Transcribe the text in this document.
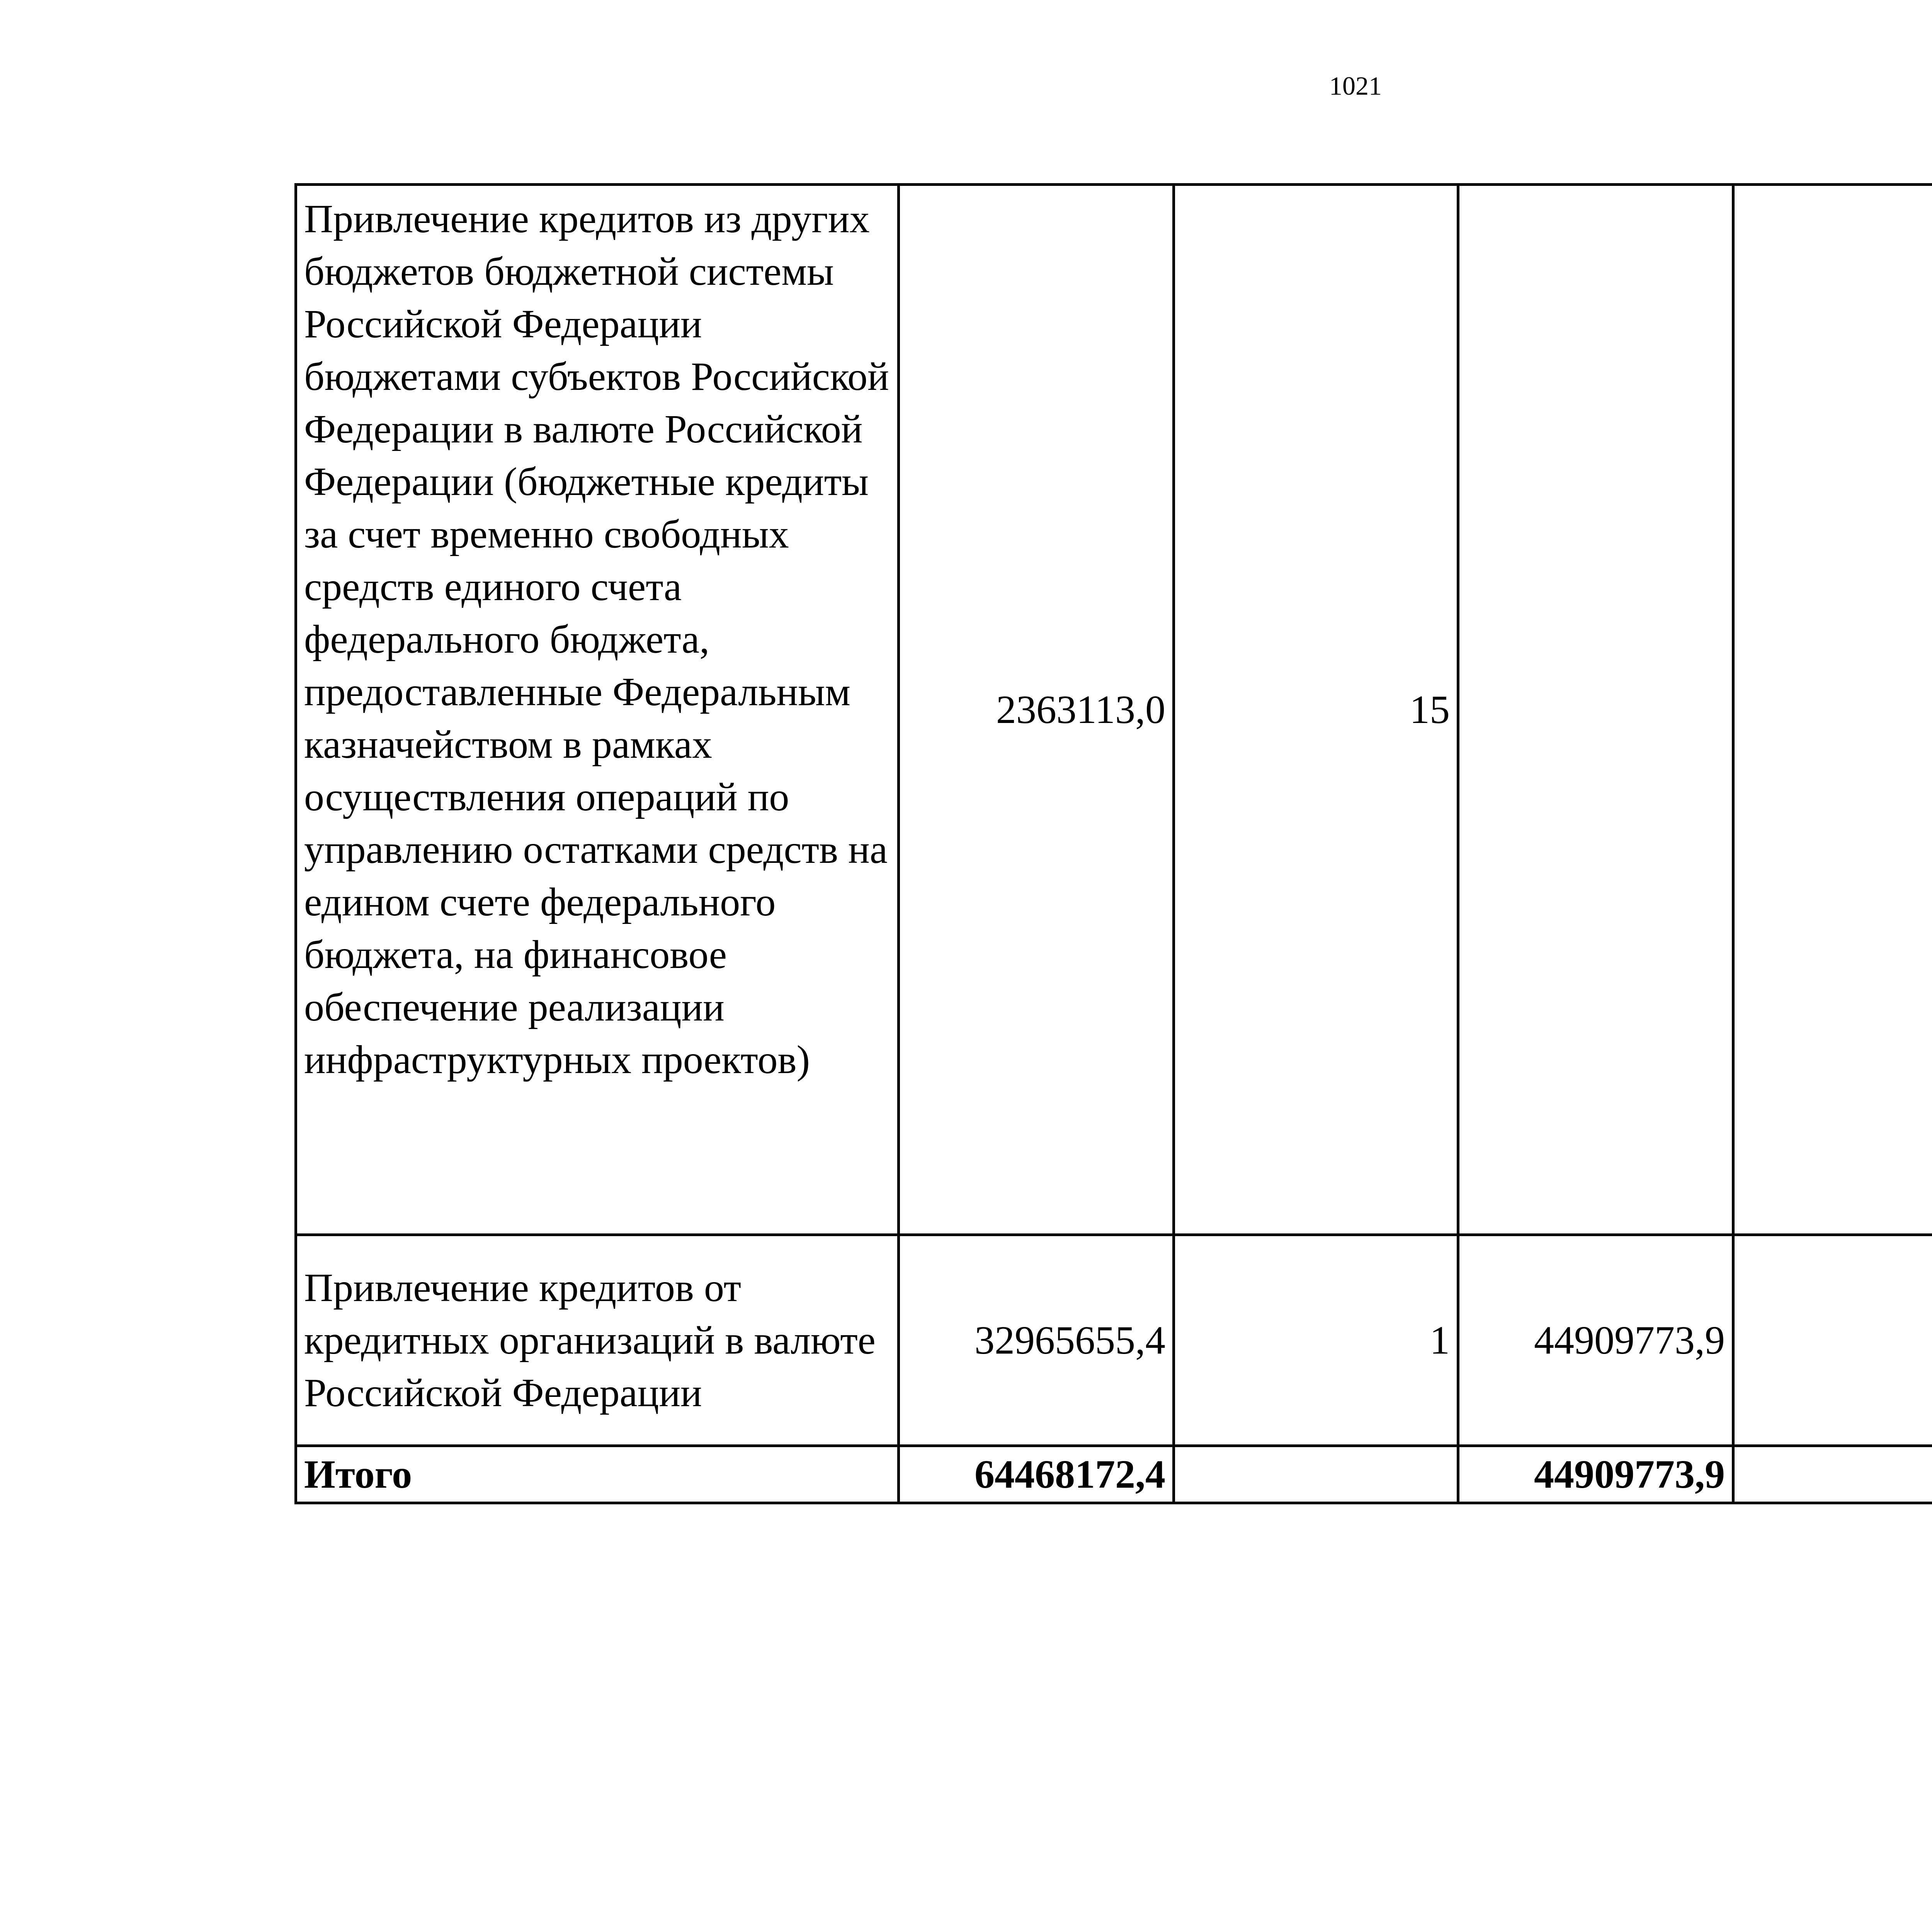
1021
Привлечение кредитов из других бюджетов бюджетной системы Российской Федерации бюджетами субъектов Российской Федерации в валюте Российской Федерации (бюджетные кредиты за счет временно свободных средств единого счета федерального бюджета, предоставленные Федеральным казначейством в рамках осуществления операций по управлению остатками средств на едином счете федерального бюджета, на финансовое обеспечение реализации инфраструктурных проектов)	2363113,0	15				

Привлечение кредитов от кредитных организаций в валюте Российской Федерации	32965655,4	1	44909773,9

Итого	64468172,4		44909773,9
